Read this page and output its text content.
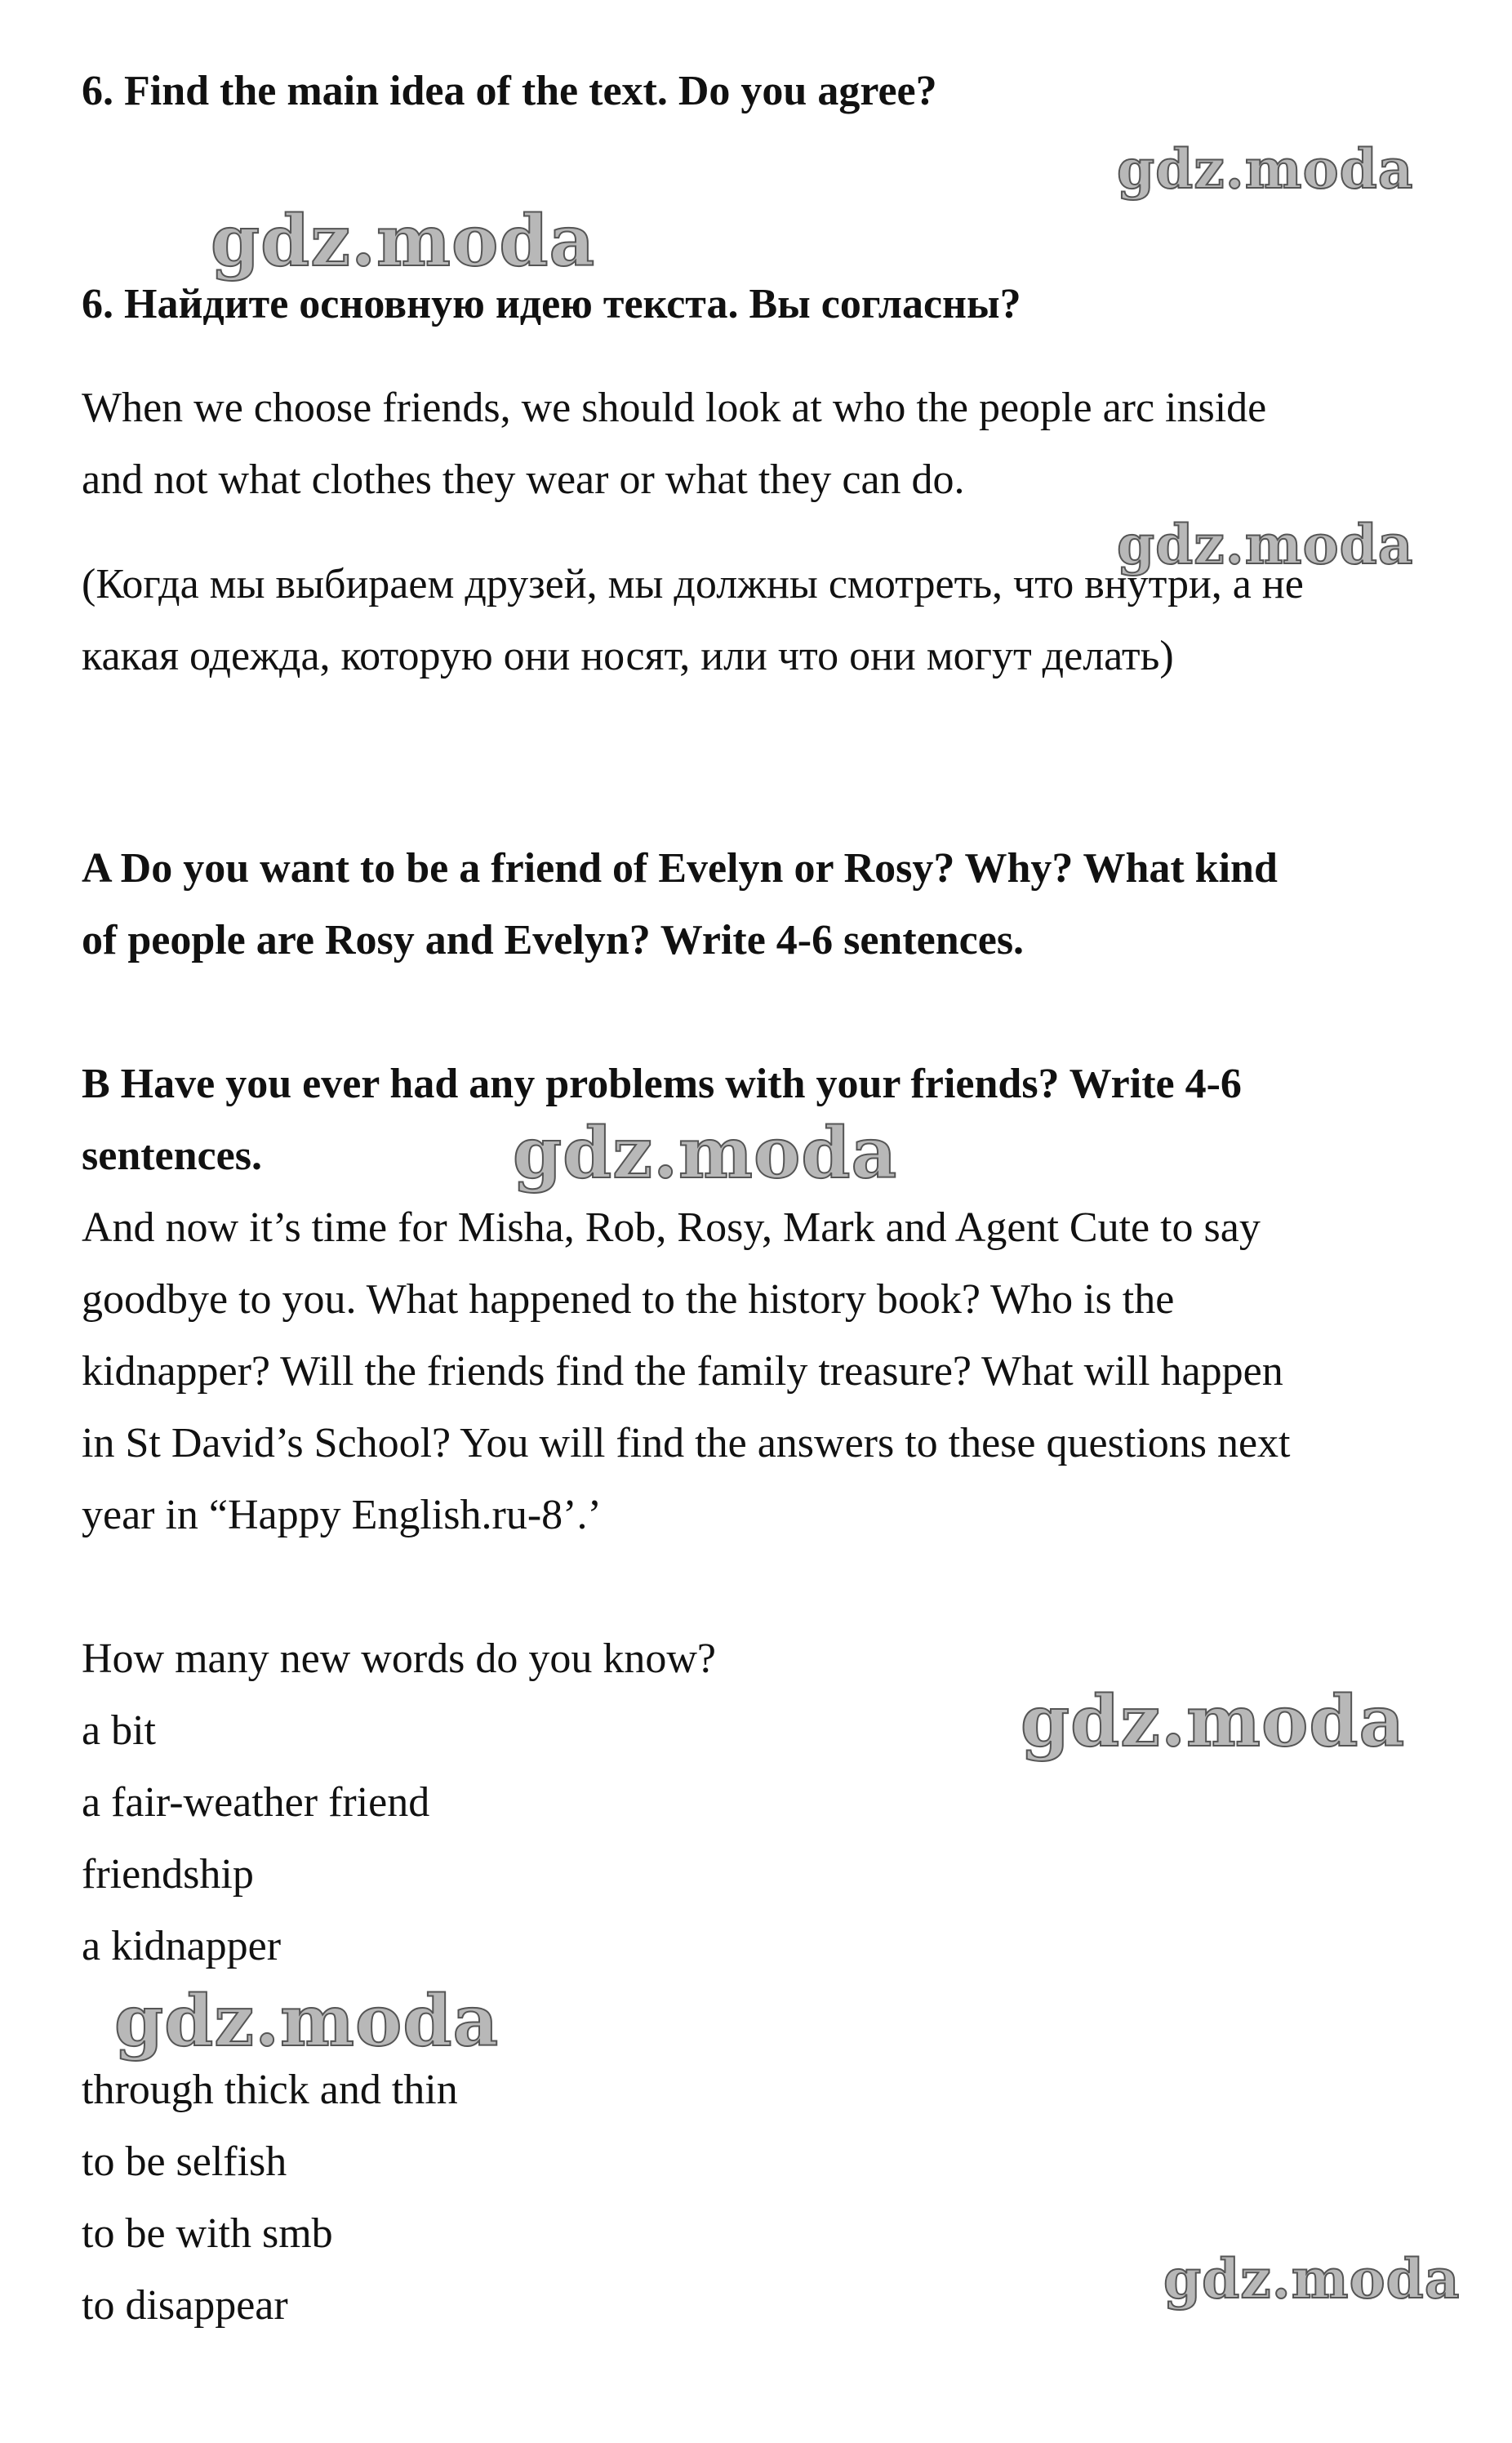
6. Find the main idea of the text. Do you agree?
6. Найдите основную идею текста. Вы согласны?
When we choose friends, we should look at who the people arc inside
and not what clothes they wear or what they can do.
(Когда мы выбираем друзей, мы должны смотреть, что внутри, а не
какая одежда, которую они носят, или что они могут делать)
A Do you want to be a friend of Evelyn or Rosy? Why? What kind
of people are Rosy and Evelyn? Write 4-6 sentences.
B Have you ever had any problems with your friends? Write 4-6
sentences.
And now it’s time for Misha, Rob, Rosy, Mark and Agent Cute to say
goodbye to you. What happened to the history book? Who is the
kidnapper? Will the friends find the family treasure? What will happen
in St David’s School? You will find the answers to these questions next
year in “Happy English.ru-8’.’
How many new words do you know?
a bit
a fair-weather friend
friendship
a kidnapper
through thick and thin
to be selfish
to be with smb
to disappear
gdz.moda
gdz.moda
gdz.moda
gdz.moda
gdz.moda
gdz.moda
gdz.moda
